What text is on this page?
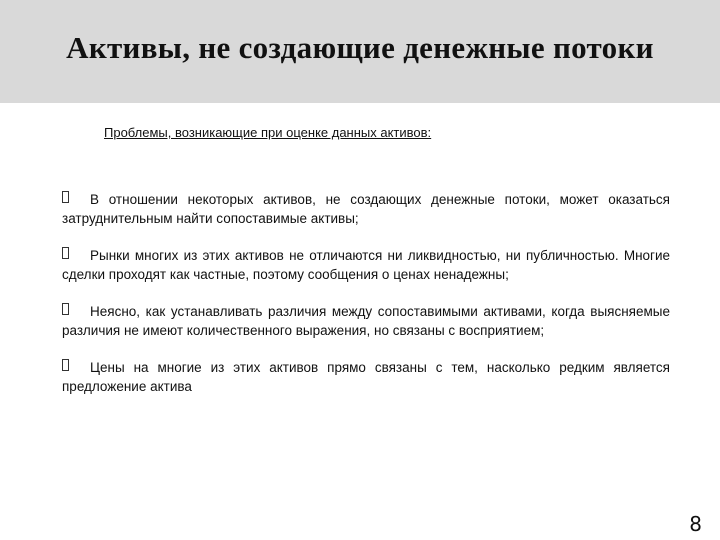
Активы, не создающие денежные потоки
Проблемы, возникающие при оценке данных активов:
В отношении некоторых активов, не создающих денежные потоки, может оказаться затруднительным найти сопоставимые активы;
Рынки многих из этих активов не отличаются ни ликвидностью, ни публичностью. Многие сделки проходят как частные, поэтому сообщения о ценах ненадежны;
Неясно, как устанавливать различия между сопоставимыми активами, когда выясняемые различия не имеют количественного выражения, но связаны с восприятием;
Цены на многие из этих активов прямо связаны с тем, насколько редким является предложение актива
8
